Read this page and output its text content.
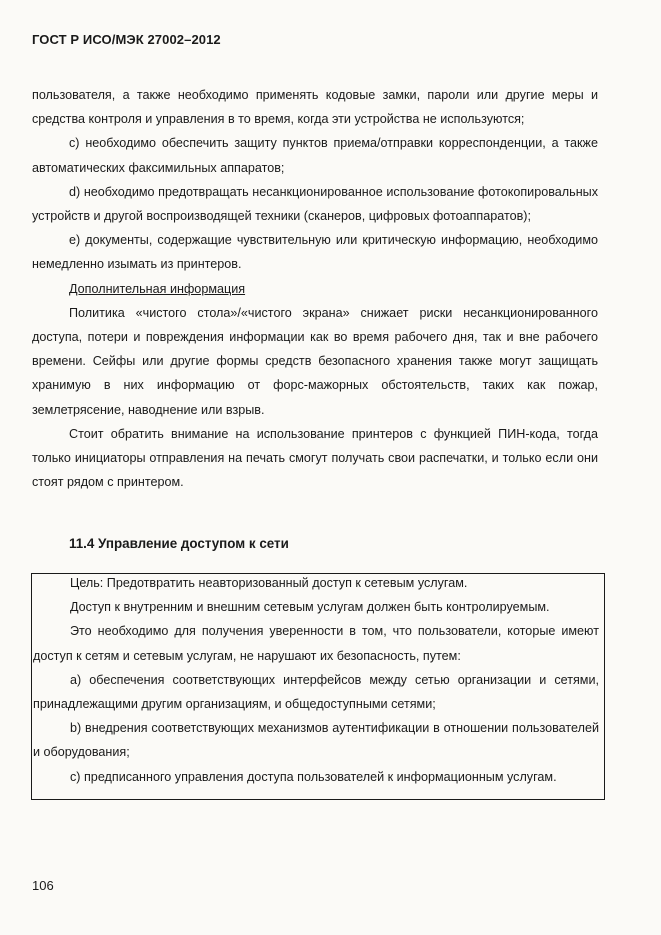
ГОСТ Р ИСО/МЭК 27002–2012

пользователя, а также необходимо применять кодовые замки, пароли или другие меры и средства контроля и управления в то время, когда эти устройства не используются;

c) необходимо обеспечить защиту пунктов приема/отправки корреспонденции, а также автоматических факсимильных аппаратов;

d) необходимо предотвращать несанкционированное использование фотокопировальных устройств и другой воспроизводящей техники (сканеров, цифровых фотоаппаратов);

e) документы, содержащие чувствительную или критическую информацию, необходимо немедленно изымать из принтеров.

Дополнительная информация

Политика «чистого стола»/«чистого экрана» снижает риски несанкционированного доступа, потери и повреждения информации как во время рабочего дня, так и вне рабочего времени. Сейфы или другие формы средств безопасного хранения также могут защищать хранимую в них информацию от форс-мажорных обстоятельств, таких как пожар, землетрясение, наводнение или взрыв.

Стоит обратить внимание на использование принтеров с функцией ПИН-кода, тогда только инициаторы отправления на печать смогут получать свои распечатки, и только если они стоят рядом с принтером.

11.4 Управление доступом к сети

Цель: Предотвратить неавторизованный доступ к сетевым услугам.

Доступ к внутренним и внешним сетевым услугам должен быть контролируемым.

Это необходимо для получения уверенности в том, что пользователи, которые имеют доступ к сетям и сетевым услугам, не нарушают их безопасность, путем:

a) обеспечения соответствующих интерфейсов между сетью организации и сетями, принадлежащими другим организациям, и общедоступными сетями;

b) внедрения соответствующих механизмов аутентификации в отношении пользователей и оборудования;

c) предписанного управления доступа пользователей к информационным услугам.

106
